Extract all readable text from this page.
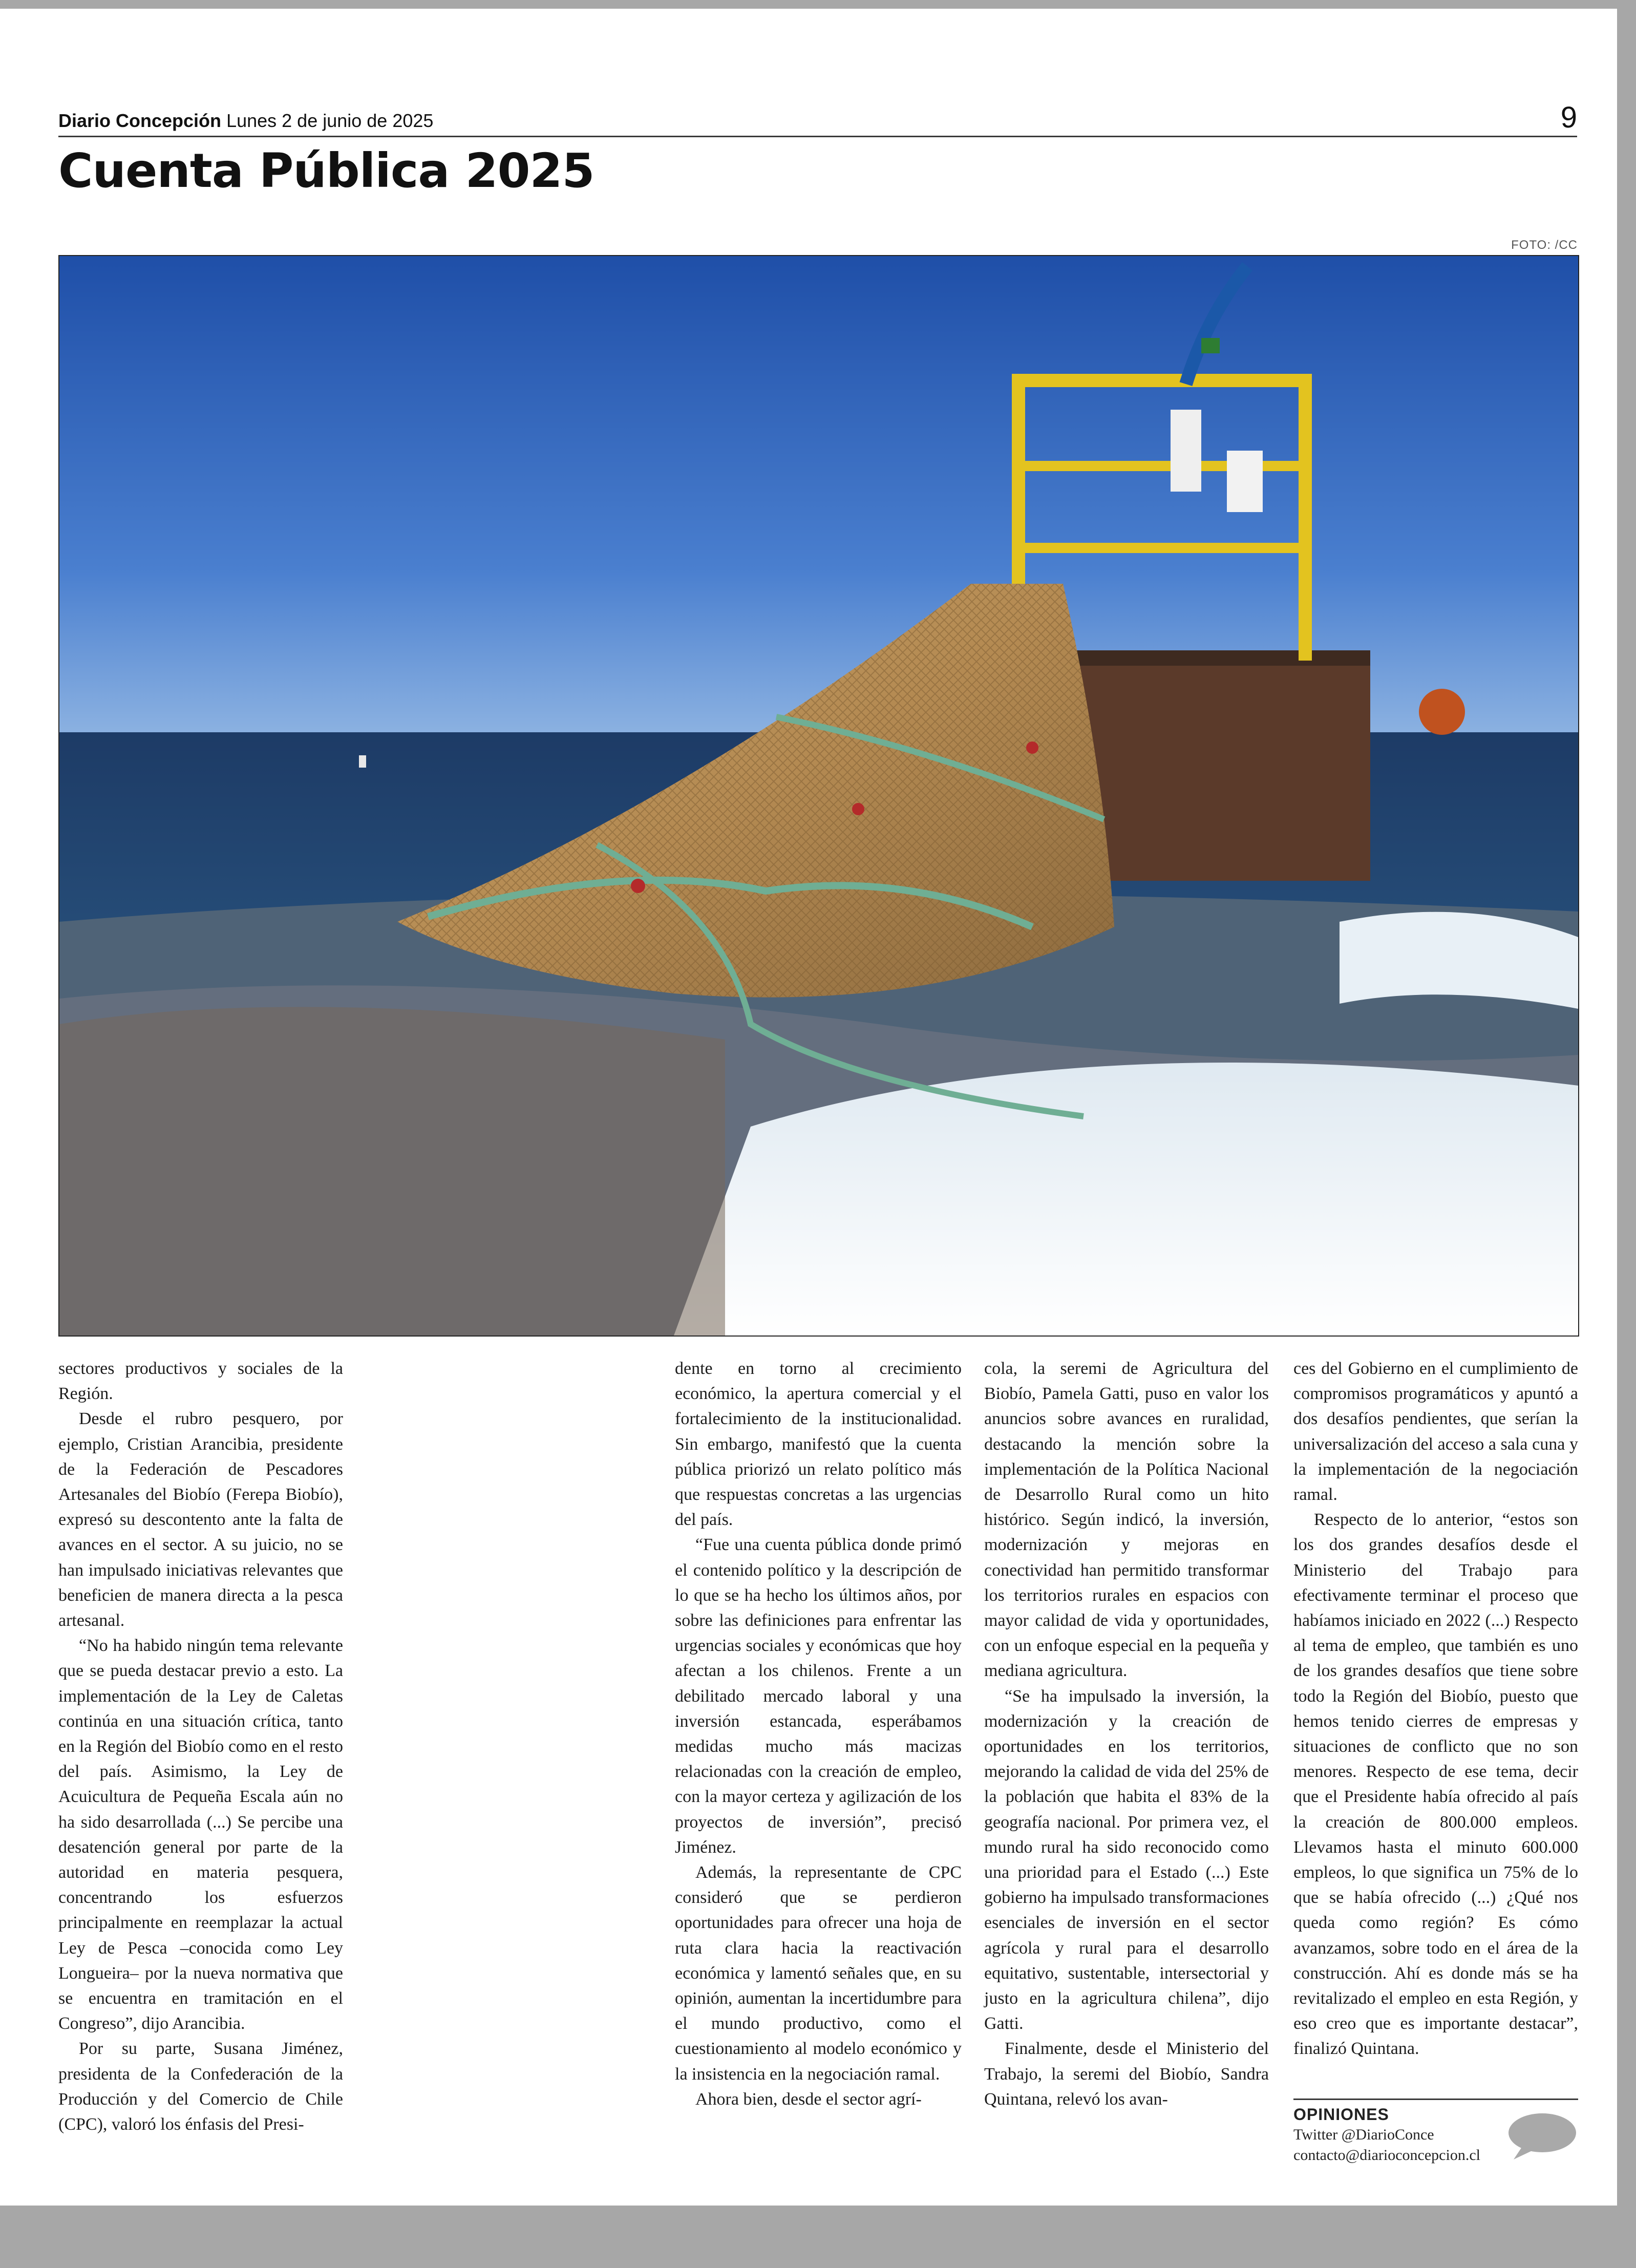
Diario Concepción Lunes 2 de junio de 2025	9
Cuenta Pública 2025
FOTO: /CC

sectores productivos y sociales de la Región.

Desde el rubro pesquero, por ejemplo, Cristian Arancibia, presidente de la Federación de Pescadores Artesanales del Biobío (Ferepa Biobío), expresó su descontento ante la falta de avances en el sector. A su juicio, no se han impulsado iniciativas relevantes que beneficien de manera directa a la pesca artesanal.

“No ha habido ningún tema relevante que se pueda destacar previo a esto. La implementación de la Ley de Caletas continúa en una situación crítica, tanto en la Región del Biobío como en el resto del país. Asimismo, la Ley de Acuicultura de Pequeña Escala aún no ha sido desarrollada (...) Se percibe una desatención general por parte de la autoridad en materia pesquera, concentrando los esfuerzos principalmente en reemplazar la actual Ley de Pesca –conocida como Ley Longueira– por la nueva normativa que se encuentra en tramitación en el Congreso”, dijo Arancibia.

Por su parte, Susana Jiménez, presidenta de la Confederación de la Producción y del Comercio de Chile (CPC), valoró los énfasis del Presi-

dente en torno al crecimiento económico, la apertura comercial y el fortalecimiento de la institucionalidad. Sin embargo, manifestó que la cuenta pública priorizó un relato político más que respuestas concretas a las urgencias del país.

“Fue una cuenta pública donde primó el contenido político y la descripción de lo que se ha hecho los últimos años, por sobre las definiciones para enfrentar las urgencias sociales y económicas que hoy afectan a los chilenos. Frente a un debilitado mercado laboral y una inversión estancada, esperábamos medidas mucho más macizas relacionadas con la creación de empleo, con la mayor certeza y agilización de los proyectos de inversión”, precisó Jiménez.

Además, la representante de CPC consideró que se perdieron oportunidades para ofrecer una hoja de ruta clara hacia la reactivación económica y lamentó señales que, en su opinión, aumentan la incertidumbre para el mundo productivo, como el cuestionamiento al modelo económico y la insistencia en la negociación ramal.

Ahora bien, desde el sector agrí-

cola, la seremi de Agricultura del Biobío, Pamela Gatti, puso en valor los anuncios sobre avances en ruralidad, destacando la mención sobre la implementación de la Política Nacional de Desarrollo Rural como un hito histórico. Según indicó, la inversión, modernización y mejoras en conectividad han permitido transformar los territorios rurales en espacios con mayor calidad de vida y oportunidades, con un enfoque especial en la pequeña y mediana agricultura.

“Se ha impulsado la inversión, la modernización y la creación de oportunidades en los territorios, mejorando la calidad de vida del 25% de la población que habita el 83% de la geografía nacional. Por primera vez, el mundo rural ha sido reconocido como una prioridad para el Estado (...) Este gobierno ha impulsado transformaciones esenciales de inversión en el sector agrícola y rural para el desarrollo equitativo, sustentable, intersectorial y justo en la agricultura chilena”, dijo Gatti.

Finalmente, desde el Ministerio del Trabajo, la seremi del Biobío, Sandra Quintana, relevó los avan-

ces del Gobierno en el cumplimiento de compromisos programáticos y apuntó a dos desafíos pendientes, que serían la universalización del acceso a sala cuna y la implementación de la negociación ramal.

Respecto de lo anterior, “estos son los dos grandes desafíos desde el Ministerio del Trabajo para efectivamente terminar el proceso que habíamos iniciado en 2022 (...) Respecto al tema de empleo, que también es uno de los grandes desafíos que tiene sobre todo la Región del Biobío, puesto que hemos tenido cierres de empresas y situaciones de conflicto que no son menores. Respecto de ese tema, decir que el Presidente había ofrecido al país la creación de 800.000 empleos. Llevamos hasta el minuto 600.000 empleos, lo que significa un 75% de lo que se había ofrecido (...) ¿Qué nos queda como región? Es cómo avanzamos, sobre todo en el área de la construcción. Ahí es donde más se ha revitalizado el empleo en esta Región, y eso creo que es importante destacar”, finalizó Quintana.

OPINIONES
Twitter @DiarioConce
contacto@diarioconcepcion.cl
